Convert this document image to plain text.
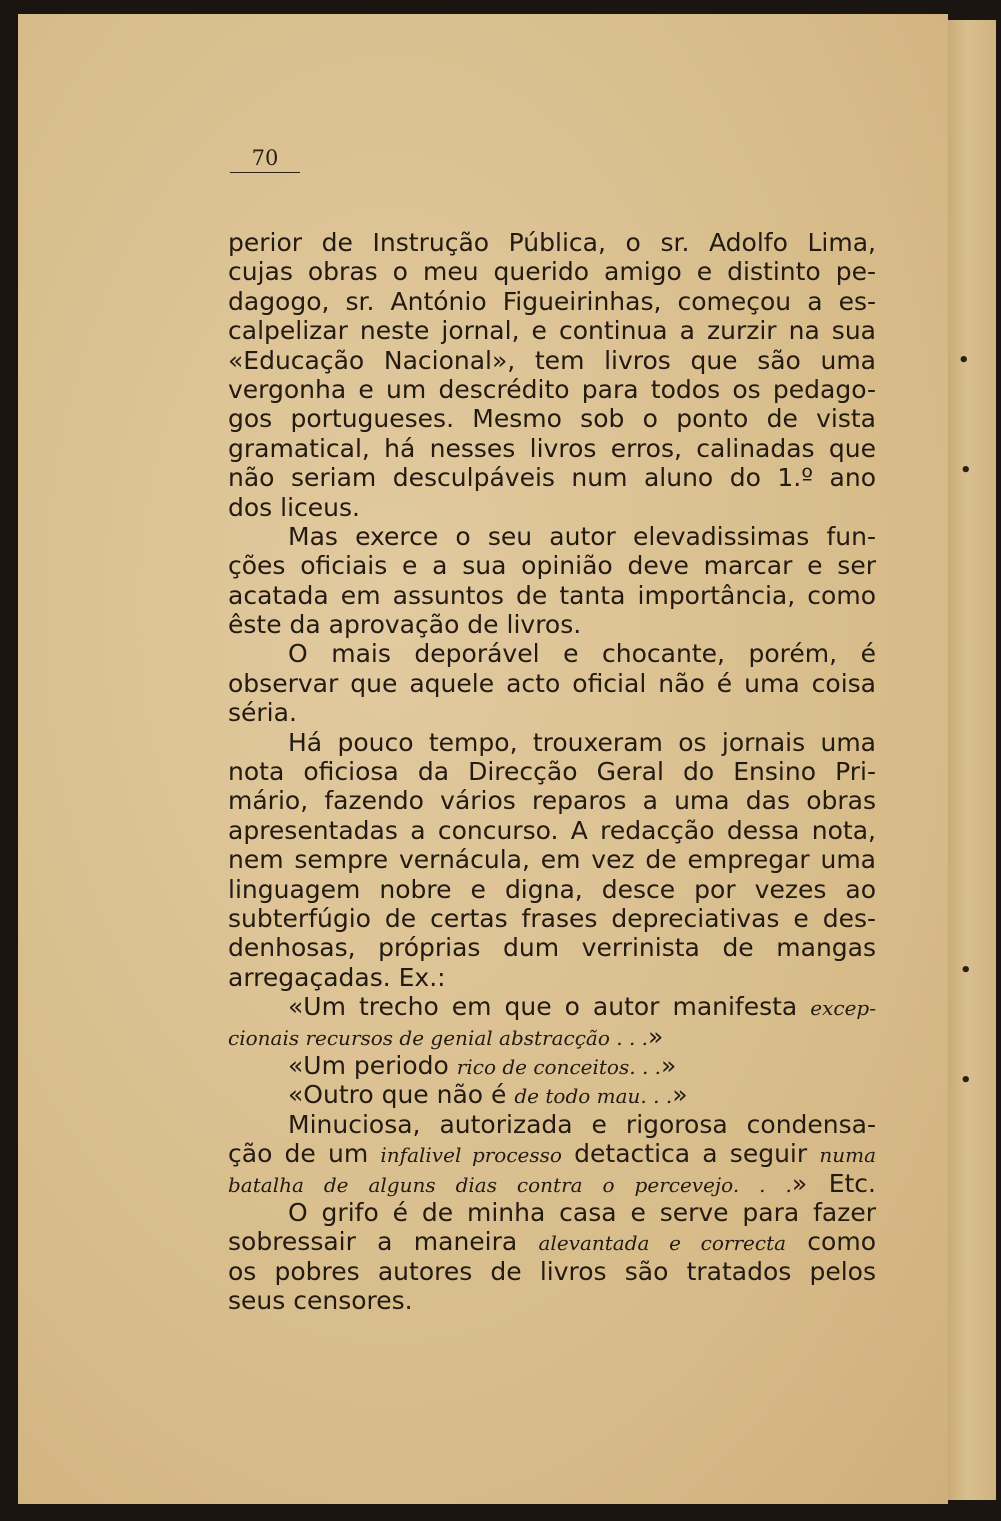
70
perior de Instrução Pública, o sr. Adolfo Lima,
cujas obras o meu querido amigo e distinto pe-
dagogo, sr. António Figueirinhas, começou a es-
calpelizar neste jornal, e continua a zurzir na sua
«Educação Nacional», tem livros que são uma
vergonha e um descrédito para todos os pedago-
gos portugueses. Mesmo sob o ponto de vista
gramatical, há nesses livros erros, calinadas que
não seriam desculpáveis num aluno do 1.º ano
dos liceus.
Mas exerce o seu autor elevadissimas fun-
ções oficiais e a sua opinião deve marcar e ser
acatada em assuntos de tanta importância, como
êste da aprovação de livros.
O mais deporável e chocante, porém, é
observar que aquele acto oficial não é uma coisa
séria.
Há pouco tempo, trouxeram os jornais uma
nota oficiosa da Direcção Geral do Ensino Pri-
mário, fazendo vários reparos a uma das obras
apresentadas a concurso. A redacção dessa nota,
nem sempre vernácula, em vez de empregar uma
linguagem nobre e digna, desce por vezes ao
subterfúgio de certas frases depreciativas e des-
denhosas, próprias dum verrinista de mangas
arregaçadas. Ex.:
«Um trecho em que o autor manifesta excep-
cionais recursos de genial abstracção . . .»
«Um periodo rico de conceitos. . .»
«Outro que não é de todo mau. . .»
Minuciosa, autorizada e rigorosa condensa-
ção de um infalivel processo detactica a seguir numa
batalha de alguns dias contra o percevejo. . .» Etc.
O grifo é de minha casa e serve para fazer
sobressair a maneira alevantada e correcta como
os pobres autores de livros são tratados pelos
seus censores.
•
•
•
•
